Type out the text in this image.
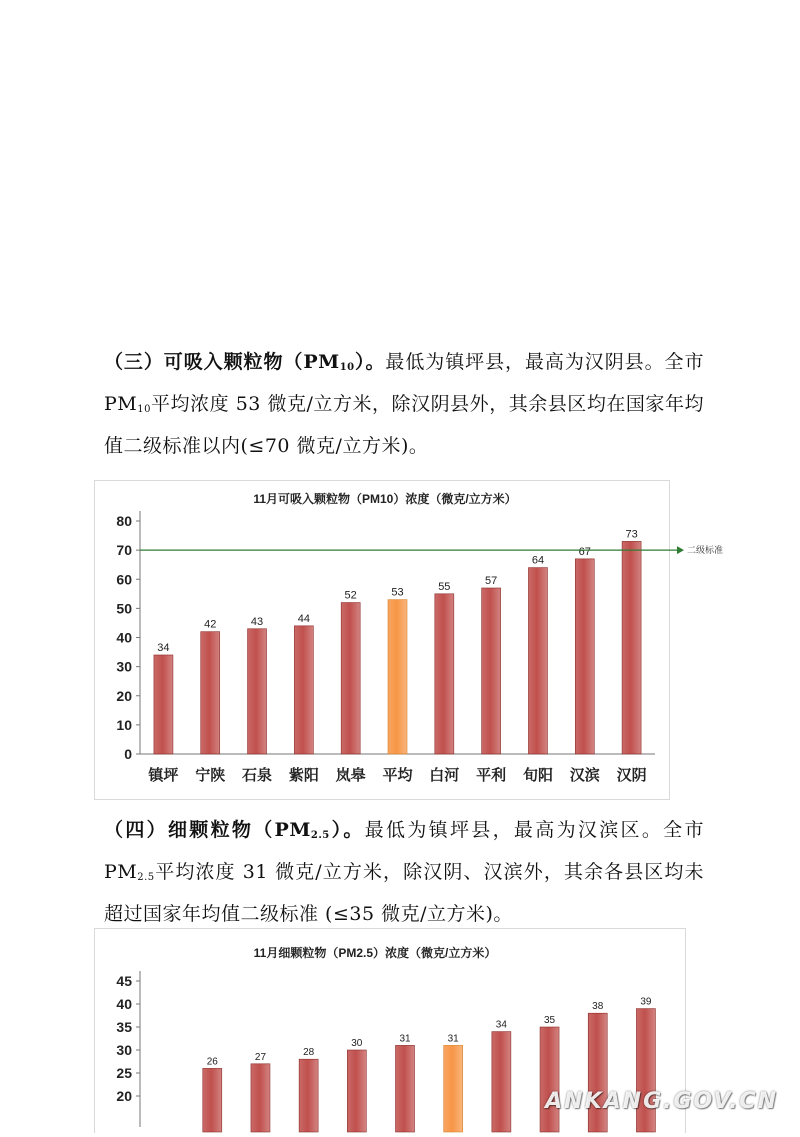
（三）可吸入颗粒物$(PM_{10})$。最低为镇坪县，最高为汉阴县。全市 $PM_{10}$平均浓度 53 微克/立方米，除汉阴县外，其余县区均在国家年均值二级标准以内(≤70 微克/立方米)。

11月可吸入颗粒物（PM10）浓度（微克/立方米）
0
10
20
30
40
50
60
70
80
34
镇坪
42
宁陕
43
石泉
44
紫阳
52
岚皋
53
平均
55
白河
57
平利
64
旬阳
67
汉滨
73
汉阴
二级标准

（四）细颗粒物$(PM_{2.5})$。最低为镇坪县，最高为汉滨区。全市 $PM_{2.5}$平均浓度 31 微克/立方米，除汉阴、汉滨外，其余各县区均未超过国家年均值二级标准 (≤35 微克/立方米)。

11月细颗粒物（PM2.5）浓度（微克/立方米）
20
25
30
35
40
45
26	27	28
30	31	31
34	35
38	39
ANKANG.GOV.CN
